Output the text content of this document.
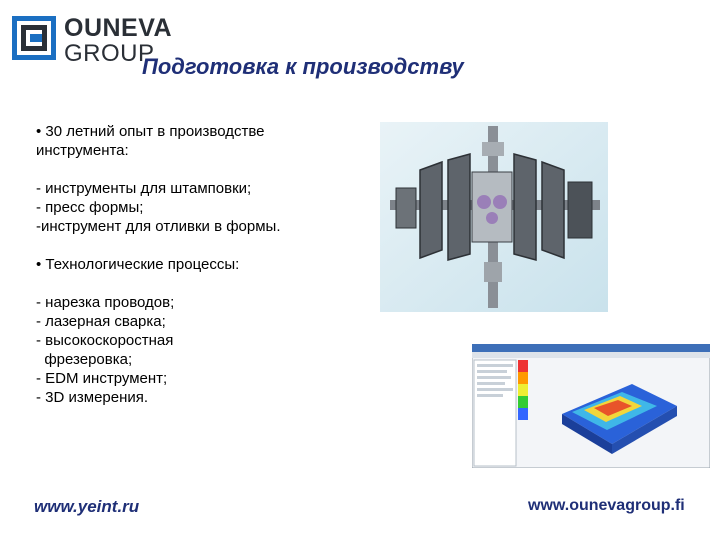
OUNEVA
GROUP
Подготовка к производству
• 30 летний опыт в производстве
инструмента:
- инструменты для штамповки;
- пресс формы;
-инструмент для отливки в формы.
• Технологические процессы:
- нарезка проводов;
- лазерная сварка;
- высокоскоростная
фрезеровка;
- EDM инструмент;
- 3D измерения.
www.yeint.ru	www.ounevagroup.fi
